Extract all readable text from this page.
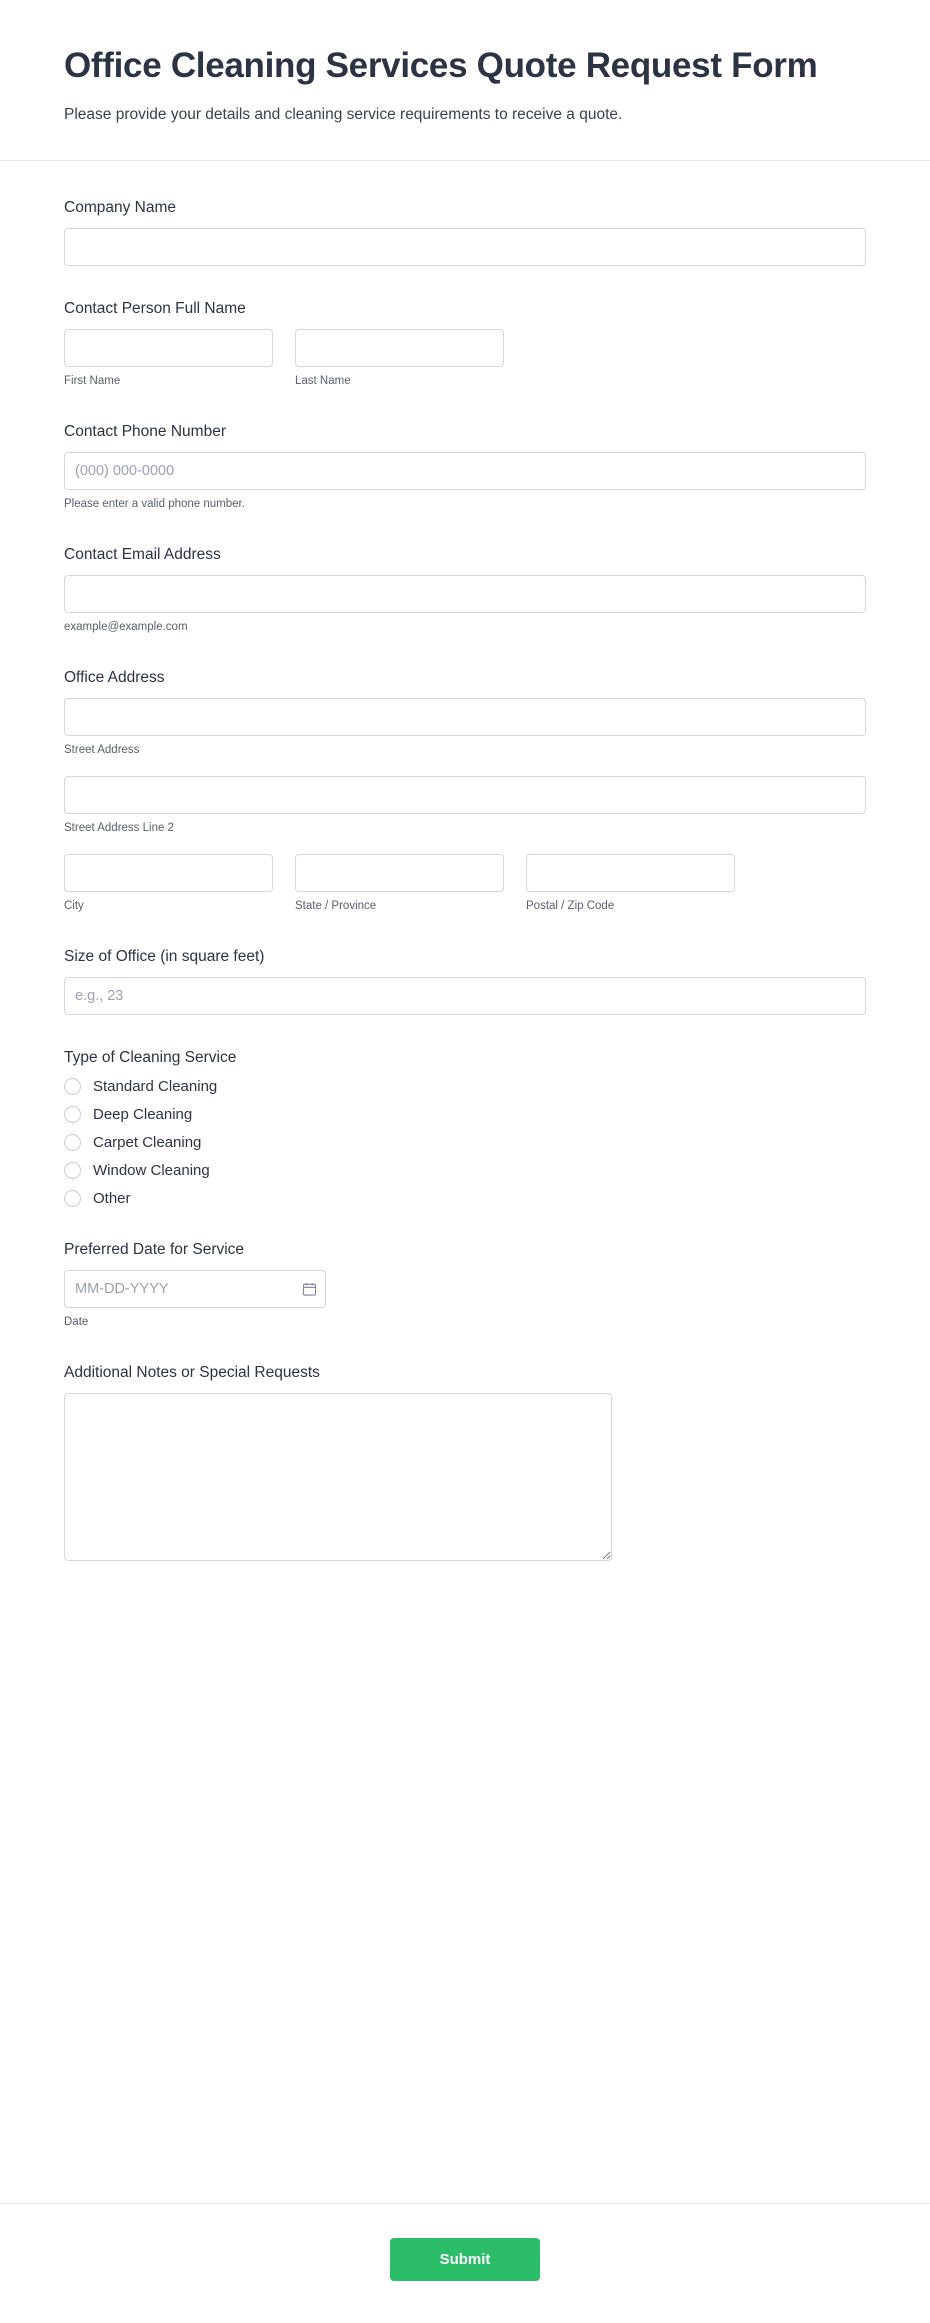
Office Cleaning Services Quote Request Form

Please provide your details and cleaning service requirements to receive a quote.

Company Name
Contact Person Full Name
First Name	Last Name
Contact Phone Number
(000) 000-0000
Please enter a valid phone number.
Contact Email Address
example@example.com
Office Address
Street Address
Street Address Line 2
City	State / Province	Postal / Zip Code
Size of Office (in square feet)
e.g., 23
Type of Cleaning Service
Standard Cleaning
Deep Cleaning
Carpet Cleaning
Window Cleaning
Other
Preferred Date for Service
MM-DD-YYYY
Date
Additional Notes or Special Requests
Submit
